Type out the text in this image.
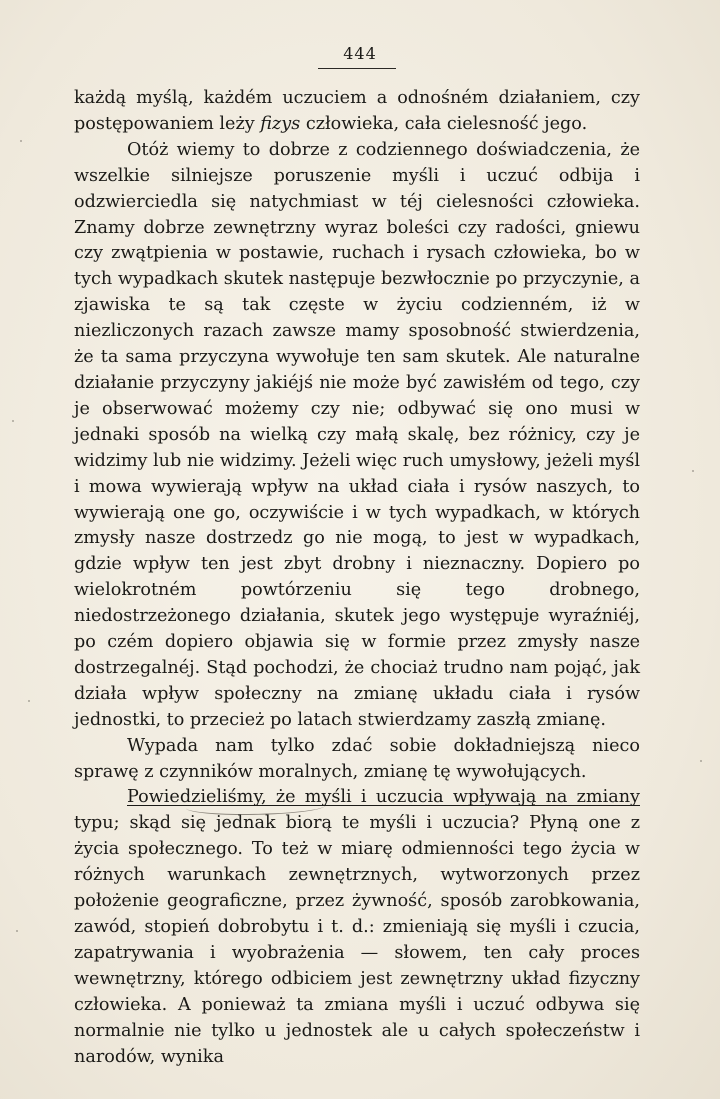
444

każdą myślą, każdém uczuciem a odnośném działaniem, czy postępowaniem leży fizys człowieka, cała cielesność jego.

Otóż wiemy to dobrze z codziennego doświadczenia, że wszelkie silniejsze poruszenie myśli i uczuć odbija i odzwierciedla się natychmiast w téj cielesności człowieka. Znamy dobrze zewnętrzny wyraz boleści czy radości, gniewu czy zwątpienia w postawie, ruchach i rysach człowieka, bo w tych wypadkach skutek następuje bezwłocznie po przyczynie, a zjawiska te są tak częste w życiu codzienném, iż w niezliczonych razach zawsze mamy sposobność stwierdzenia, że ta sama przyczyna wywołuje ten sam skutek. Ale naturalne działanie przyczyny jakiéjś nie może być zawisłém od tego, czy je obserwować możemy czy nie; odbywać się ono musi w jednaki sposób na wielką czy małą skalę, bez różnicy, czy je widzimy lub nie widzimy. Jeżeli więc ruch umysłowy, jeżeli myśl i mowa wywierają wpływ na układ ciała i rysów naszych, to wywierają one go, oczywiście i w tych wypadkach, w których zmysły nasze dostrzedz go nie mogą, to jest w wypadkach, gdzie wpływ ten jest zbyt drobny i nieznaczny. Dopiero po wielokrotném powtórzeniu się tego drobnego, niedostrzeżonego działania, skutek jego występuje wyraźniéj, po czém dopiero objawia się w formie przez zmysły nasze dostrzegalnéj. Stąd pochodzi, że chociaż trudno nam pojąć, jak działa wpływ społeczny na zmianę układu ciała i rysów jednostki, to przecież po latach stwierdzamy zaszłą zmianę.

Wypada nam tylko zdać sobie dokładniejszą nieco sprawę z czynników moralnych, zmianę tę wywołujących.

Powiedzieliśmy, że myśli i uczucia wpływają na zmiany typu; skąd się jednak biorą te myśli i uczucia? Płyną one z życia społecznego. To też w miarę odmienności tego życia w różnych warunkach zewnętrznych, wytworzonych przez położenie geograficzne, przez żywność, sposób zarobkowania, zawód, stopień dobrobytu i t. d.: zmieniają się myśli i czucia, zapatrywania i wyobrażenia — słowem, ten cały proces wewnętrzny, którego odbiciem jest zewnętrzny układ fizyczny człowieka. A ponieważ ta zmiana myśli i uczuć odbywa się normalnie nie tylko u jednostek ale u całych społeczeństw i narodów, wynika
